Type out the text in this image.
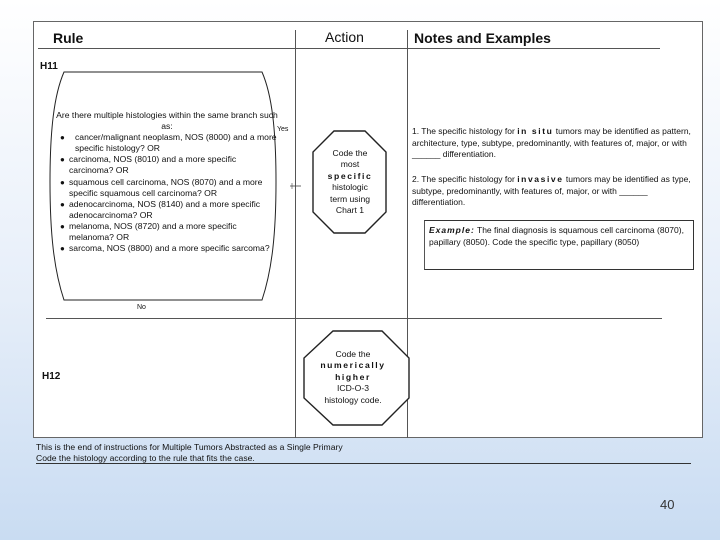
Rule	Action	Notes and Examples
H11
H12
Are there multiple histologies within the same branch such as:
● cancer/malignant neoplasm, NOS (8000) and a more specific histology? OR
● carcinoma, NOS (8010) and a more specific carcinoma? OR
● squamous cell carcinoma, NOS (8070) and a more specific squamous cell carcinoma? OR
● adenocarcinoma, NOS (8140) and a more specific adenocarcinoma? OR
● melanoma, NOS (8720) and a more specific melanoma? OR
● sarcoma, NOS (8800) and a more specific sarcoma?
Yes
No
Code the
most
specific
histologic
term using
Chart 1
Code the
numerically
higher
ICD-O-3
histology code.
1. The specific histology for in situ tumors may be identified as pattern, architecture, type, subtype, predominantly, with features of, major, or with ______ differentiation.
2. The specific histology for invasive tumors may be identified as type, subtype, predominantly, with features of, major, or with ______ differentiation.
Example: The final diagnosis is squamous cell carcinoma (8070), papillary (8050). Code the specific type, papillary (8050)
This is the end of instructions for Multiple Tumors Abstracted as a Single Primary
Code the histology according to the rule that fits the case.
40
